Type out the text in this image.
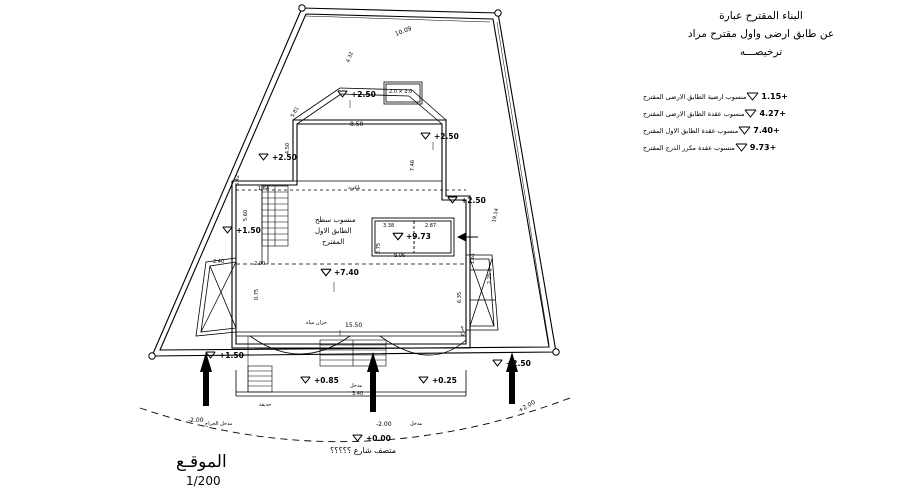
البناء المقترح عبارة
عن طابق ارضى واول مقترح مراد
ترخيصـــه
+1.15
منسوب ارضية الطابق الارضى المقترح
+4.27
منسوب عقدة الطابق الارضى المقترح
+7.40
منسوب عقدة الطابق الاول المقترح
+9.73
منسوب عقدة مكرر الدرج المقترح
+2.50
+2.50
+2.50
+2.50
+1.50
+9.73
+7.40
+1.50
+2.50
+0.85	+0.25
+0.00
منسوب سطح
الطابق الاول
المقترح
2.0 × 2.0
10.09
4.32
5.81
8.50
4.50
7.46
3.42
1.64
5.60	19.14
3.38	2.87
2.75
8.06
2.40	2.00
0.75	6.35
2.25
1.61
15.50
3.40
-2.00
-2.00
+2.00
بلكونة
خزان مياه
مدخل
حديقة
مدخل الجراج	مدخل
جراج
متصف شارع ؟؟؟؟؟
الموقـع
1/200
